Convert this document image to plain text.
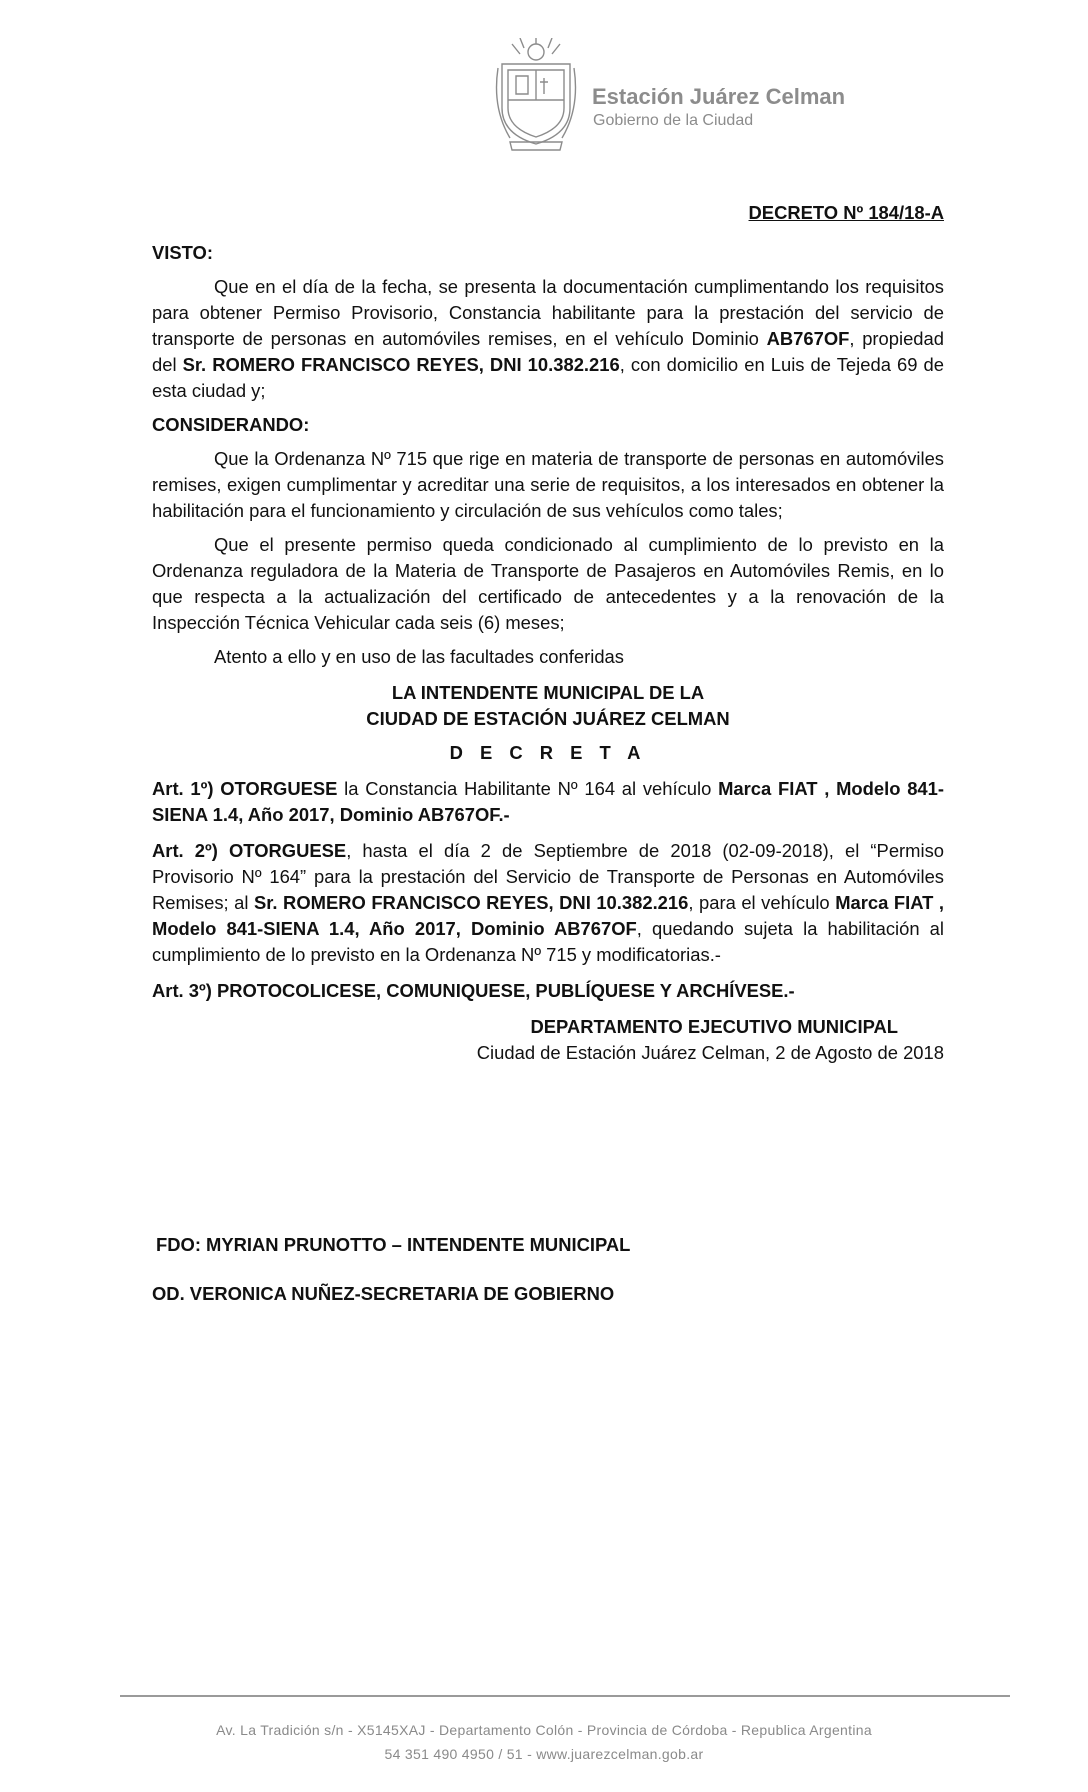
Estación Juárez Celman
Gobierno de la Ciudad
DECRETO Nº 184/18-A
VISTO:
Que en el día de la fecha, se presenta la documentación cumplimentando los requisitos para obtener Permiso Provisorio, Constancia habilitante para la prestación del servicio de transporte de personas en automóviles remises, en el vehículo Dominio AB767OF, propiedad del Sr. ROMERO FRANCISCO REYES, DNI 10.382.216, con domicilio en Luis de Tejeda 69 de esta ciudad y;
CONSIDERANDO:
Que la Ordenanza Nº 715 que rige en materia de transporte de personas en automóviles remises, exigen cumplimentar y acreditar una serie de requisitos, a los interesados en obtener la habilitación para el funcionamiento y circulación de sus vehículos como tales;
Que el presente permiso queda condicionado al cumplimiento de lo previsto en la Ordenanza reguladora de la Materia de Transporte de Pasajeros en Automóviles Remis, en lo que respecta a la actualización del certificado de antecedentes y a la renovación de la Inspección Técnica Vehicular cada seis (6) meses;
Atento a ello y en uso de las facultades conferidas
LA INTENDENTE MUNICIPAL DE LA
CIUDAD DE ESTACIÓN JUÁREZ CELMAN
D E C R E T A
Art. 1º) OTORGUESE la Constancia Habilitante Nº 164 al vehículo Marca FIAT , Modelo 841-SIENA 1.4, Año 2017, Dominio AB767OF.-
Art. 2º) OTORGUESE, hasta el día 2 de Septiembre de 2018 (02-09-2018), el “Permiso Provisorio Nº 164” para la prestación del Servicio de Transporte de Personas en Automóviles Remises; al Sr. ROMERO FRANCISCO REYES, DNI 10.382.216, para el vehículo Marca FIAT , Modelo 841-SIENA 1.4, Año 2017, Dominio AB767OF, quedando sujeta la habilitación al cumplimiento de lo previsto en la Ordenanza Nº 715 y modificatorias.-
Art. 3º) PROTOCOLICESE, COMUNIQUESE, PUBLÍQUESE Y ARCHÍVESE.-
DEPARTAMENTO EJECUTIVO MUNICIPAL
Ciudad de Estación Juárez Celman, 2 de Agosto de 2018
FDO: MYRIAN PRUNOTTO – INTENDENTE MUNICIPAL
OD. VERONICA NUÑEZ-SECRETARIA DE GOBIERNO
Av. La Tradición s/n - X5145XAJ - Departamento Colón - Provincia de Córdoba - Republica Argentina
54 351 490 4950 / 51 - www.juarezcelman.gob.ar
